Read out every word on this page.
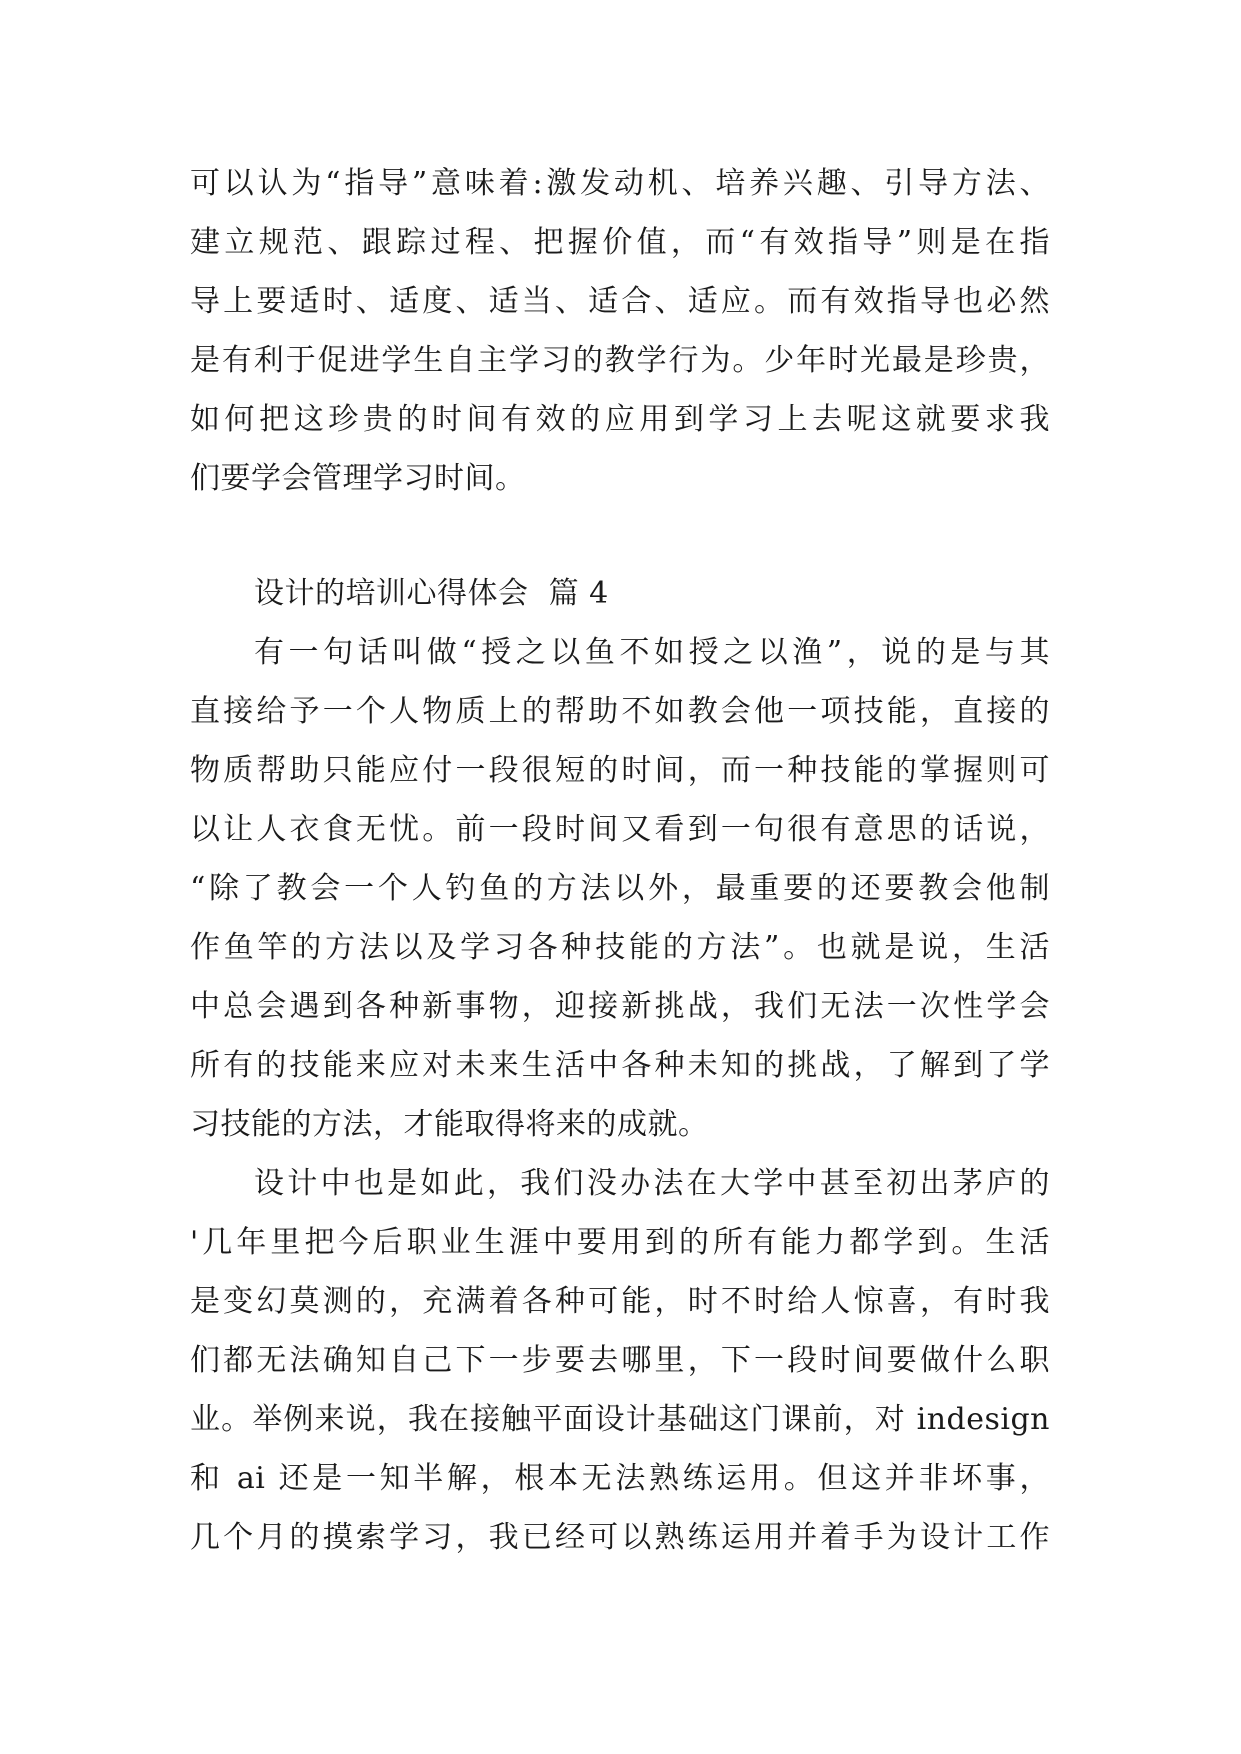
可以认为“指导”意味着:激发动机、培养兴趣、引导方法、
建立规范、跟踪过程、把握价值，而“有效指导”则是在指
导上要适时、适度、适当、适合、适应。而有效指导也必然
是有利于促进学生自主学习的教学行为。少年时光最是珍贵，
如何把这珍贵的时间有效的应用到学习上去呢这就要求我
们要学会管理学习时间。
设计的培训心得体会  篇 4
有一句话叫做“授之以鱼不如授之以渔”，说的是与其
直接给予一个人物质上的帮助不如教会他一项技能，直接的
物质帮助只能应付一段很短的时间，而一种技能的掌握则可
以让人衣食无忧。前一段时间又看到一句很有意思的话说，
“除了教会一个人钓鱼的方法以外，最重要的还要教会他制
作鱼竿的方法以及学习各种技能的方法”。也就是说，生活
中总会遇到各种新事物，迎接新挑战，我们无法一次性学会
所有的技能来应对未来生活中各种未知的挑战，了解到了学
习技能的方法，才能取得将来的成就。
设计中也是如此，我们没办法在大学中甚至初出茅庐的
'几年里把今后职业生涯中要用到的所有能力都学到。生活
是变幻莫测的，充满着各种可能，时不时给人惊喜，有时我
们都无法确知自己下一步要去哪里，下一段时间要做什么职
业。举例来说，我在接触平面设计基础这门课前，对 indesign
和 ai 还是一知半解，根本无法熟练运用。但这并非坏事，
几个月的摸索学习，我已经可以熟练运用并着手为设计工作
